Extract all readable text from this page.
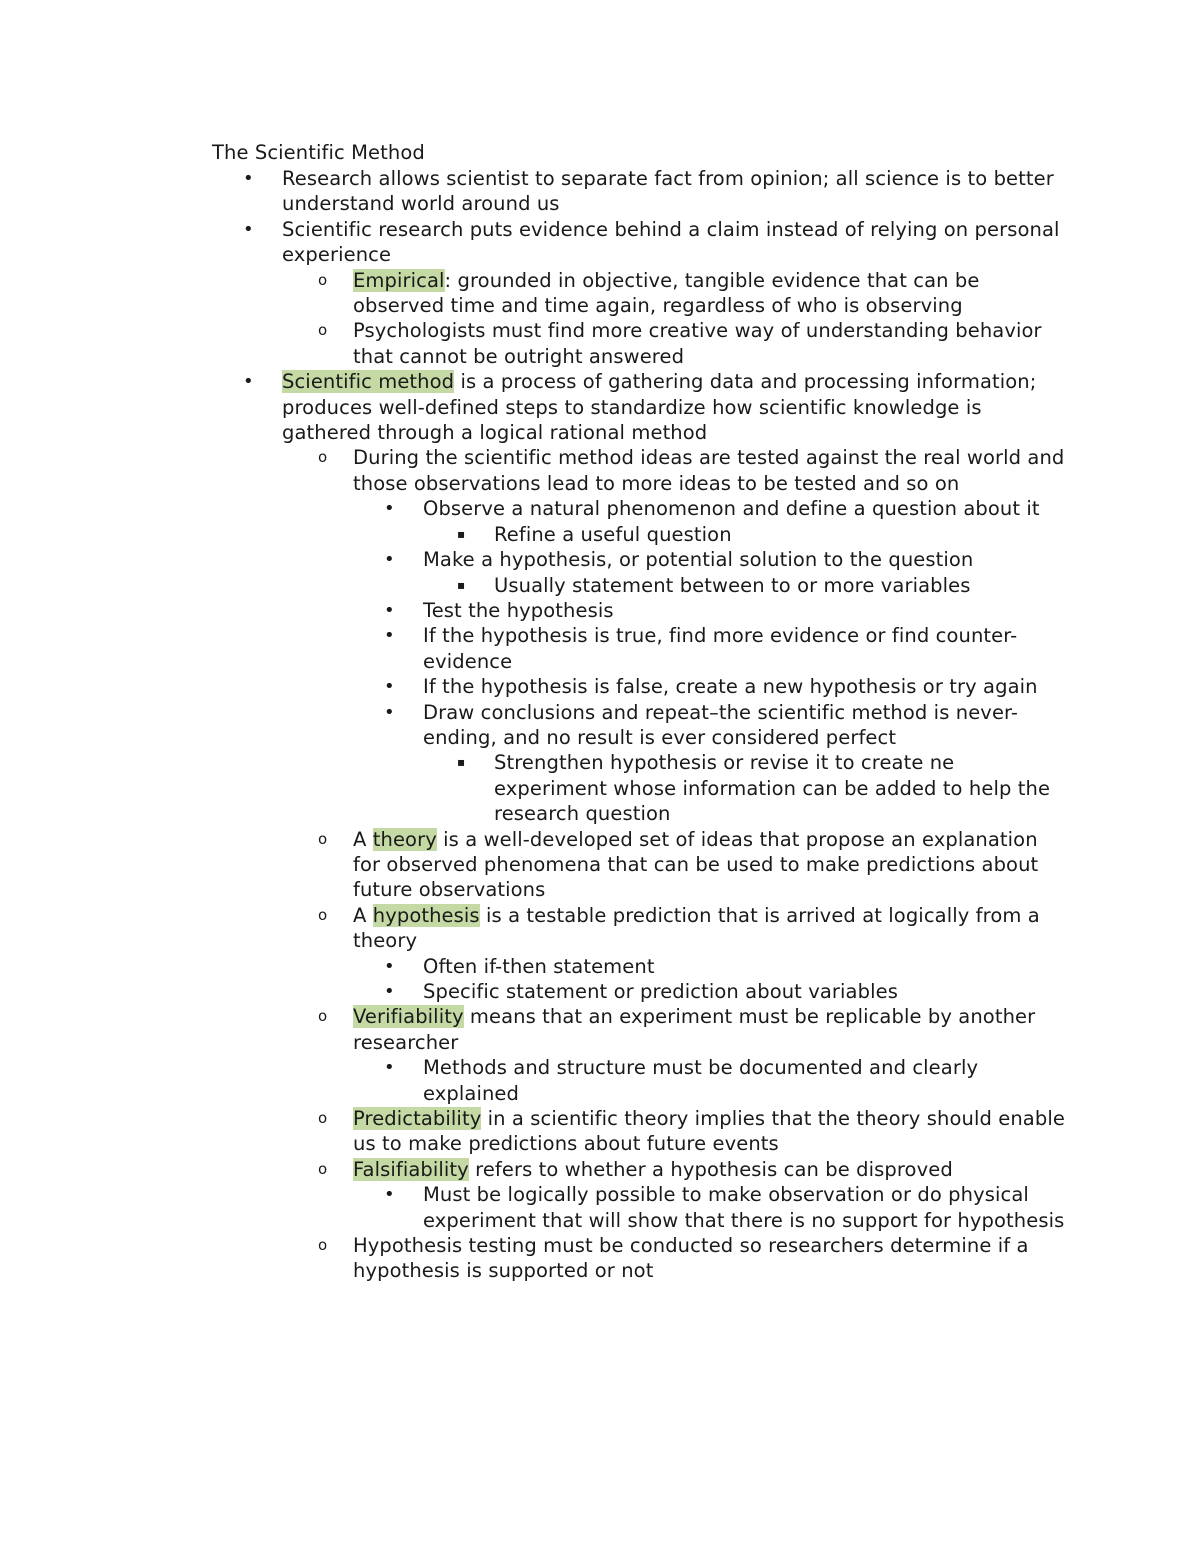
The Scientific Method
• Research allows scientist to separate fact from opinion; all science is to better understand world around us
• Scientific research puts evidence behind a claim instead of relying on personal experience
o Empirical: grounded in objective, tangible evidence that can be observed time and time again, regardless of who is observing
o Psychologists must find more creative way of understanding behavior that cannot be outright answered
• Scientific method is a process of gathering data and processing information; produces well-defined steps to standardize how scientific knowledge is gathered through a logical rational method
o During the scientific method ideas are tested against the real world and those observations lead to more ideas to be tested and so on
• Observe a natural phenomenon and define a question about it
▪ Refine a useful question
• Make a hypothesis, or potential solution to the question
▪ Usually statement between to or more variables
• Test the hypothesis
• If the hypothesis is true, find more evidence or find counter-evidence
• If the hypothesis is false, create a new hypothesis or try again
• Draw conclusions and repeat–the scientific method is never-ending, and no result is ever considered perfect
▪ Strengthen hypothesis or revise it to create ne experiment whose information can be added to help the research question
o A theory is a well-developed set of ideas that propose an explanation for observed phenomena that can be used to make predictions about future observations
o A hypothesis is a testable prediction that is arrived at logically from a theory
• Often if-then statement
• Specific statement or prediction about variables
o Verifiability means that an experiment must be replicable by another researcher
• Methods and structure must be documented and clearly explained
o Predictability in a scientific theory implies that the theory should enable us to make predictions about future events
o Falsifiability refers to whether a hypothesis can be disproved
• Must be logically possible to make observation or do physical experiment that will show that there is no support for hypothesis
o Hypothesis testing must be conducted so researchers determine if a hypothesis is supported or not
